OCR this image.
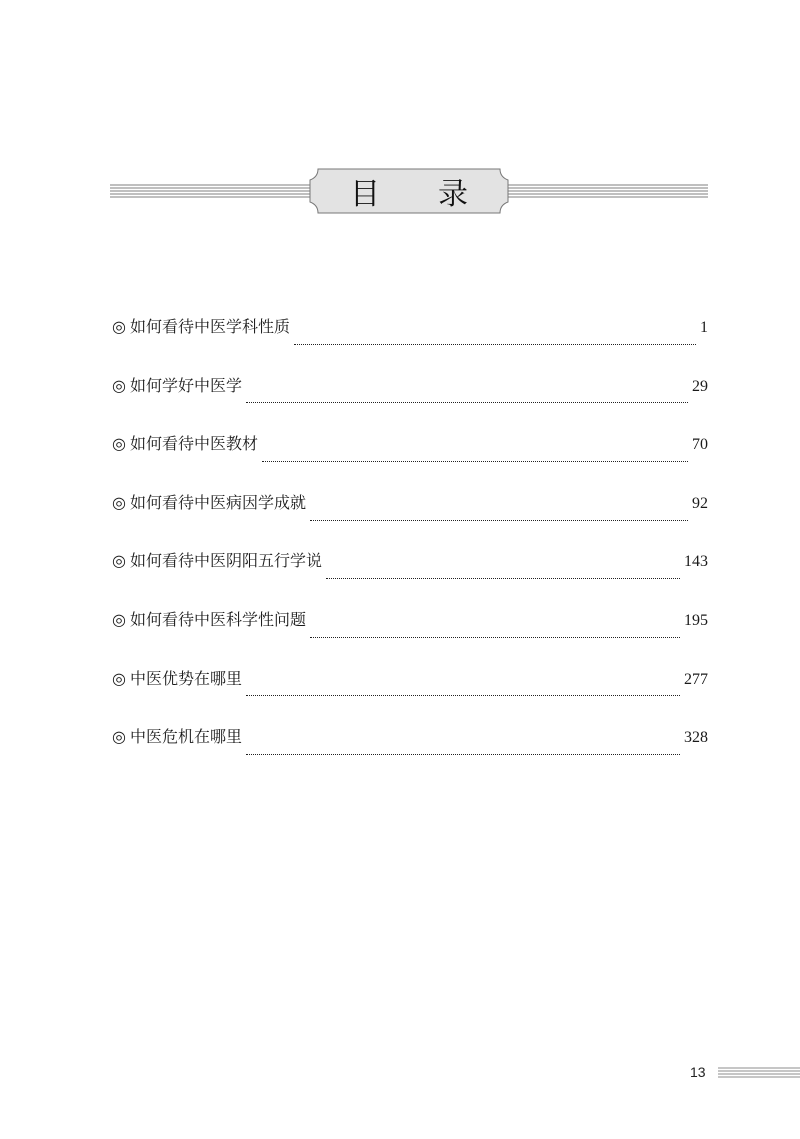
目录
◎ 如何看待中医学科性质	1
◎ 如何学好中医学	29
◎ 如何看待中医教材	70
◎ 如何看待中医病因学成就	92
◎ 如何看待中医阴阳五行学说	143
◎ 如何看待中医科学性问题	195
◎ 中医优势在哪里	277
◎ 中医危机在哪里	328
13
